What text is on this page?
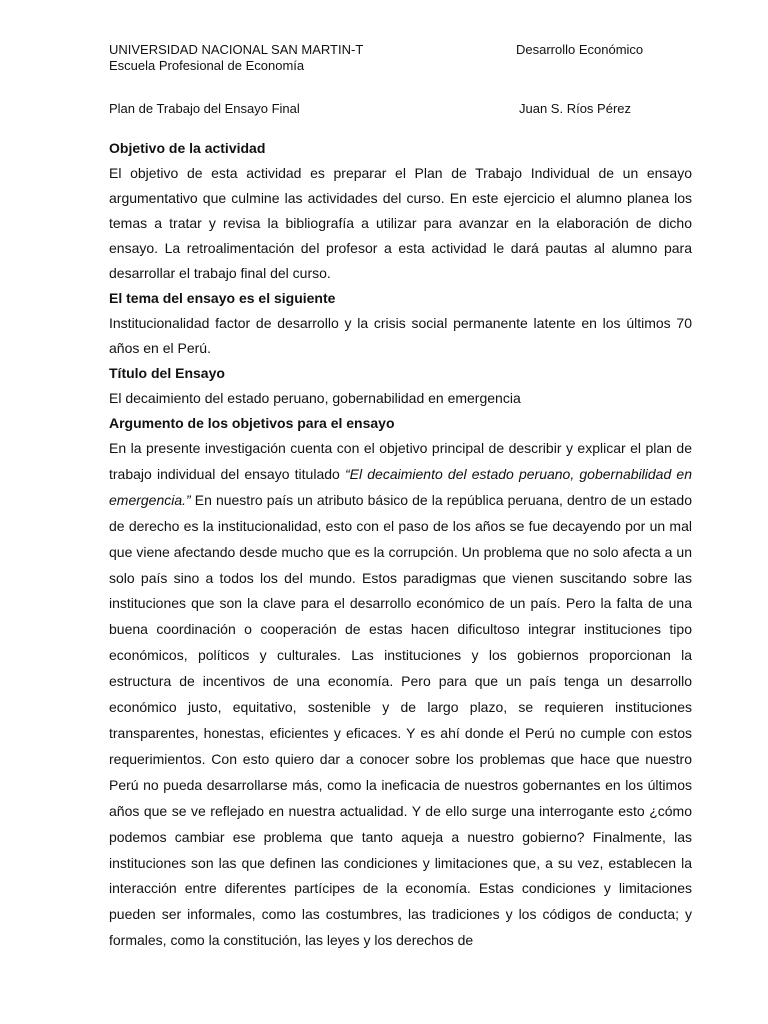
UNIVERSIDAD NACIONAL SAN MARTIN-T
Escuela Profesional de Economía
Desarrollo Económico
Plan de Trabajo del Ensayo Final	Juan S. Ríos Pérez
Objetivo de la actividad

El objetivo de esta actividad es preparar el Plan de Trabajo Individual de un ensayo argumentativo que culmine las actividades del curso. En este ejercicio el alumno planea los temas a tratar y revisa la bibliografía a utilizar para avanzar en la elaboración de dicho ensayo. La retroalimentación del profesor a esta actividad le dará pautas al alumno para desarrollar el trabajo final del curso.

El tema del ensayo es el siguiente

Institucionalidad factor de desarrollo y la crisis social permanente latente en los últimos 70 años en el Perú.

Título del Ensayo

El decaimiento del estado peruano, gobernabilidad en emergencia

Argumento de los objetivos para el ensayo

En la presente investigación cuenta con el objetivo principal de describir y explicar el plan de trabajo individual del ensayo titulado “El decaimiento del estado peruano, gobernabilidad en emergencia.” En nuestro país un atributo básico de la república peruana, dentro de un estado de derecho es la institucionalidad, esto con el paso de los años se fue decayendo por un mal que viene afectando desde mucho que es la corrupción. Un problema que no solo afecta a un solo país sino a todos los del mundo. Estos paradigmas que vienen suscitando sobre las instituciones que son la clave para el desarrollo económico de un país. Pero la falta de una buena coordinación o cooperación de estas hacen dificultoso integrar instituciones tipo económicos, políticos y culturales. Las instituciones y los gobiernos proporcionan la estructura de incentivos de una economía. Pero para que un país tenga un desarrollo económico justo, equitativo, sostenible y de largo plazo, se requieren instituciones transparentes, honestas, eficientes y eficaces. Y es ahí donde el Perú no cumple con estos requerimientos. Con esto quiero dar a conocer sobre los problemas que hace que nuestro Perú no pueda desarrollarse más, como la ineficacia de nuestros gobernantes en los últimos años que se ve reflejado en nuestra actualidad. Y de ello surge una interrogante esto ¿cómo podemos cambiar ese problema que tanto aqueja a nuestro gobierno? Finalmente, las instituciones son las que definen las condiciones y limitaciones que, a su vez, establecen la interacción entre diferentes partícipes de la economía. Estas condiciones y limitaciones pueden ser informales, como las costumbres, las tradiciones y los códigos de conducta; y formales, como la constitución, las leyes y los derechos de
